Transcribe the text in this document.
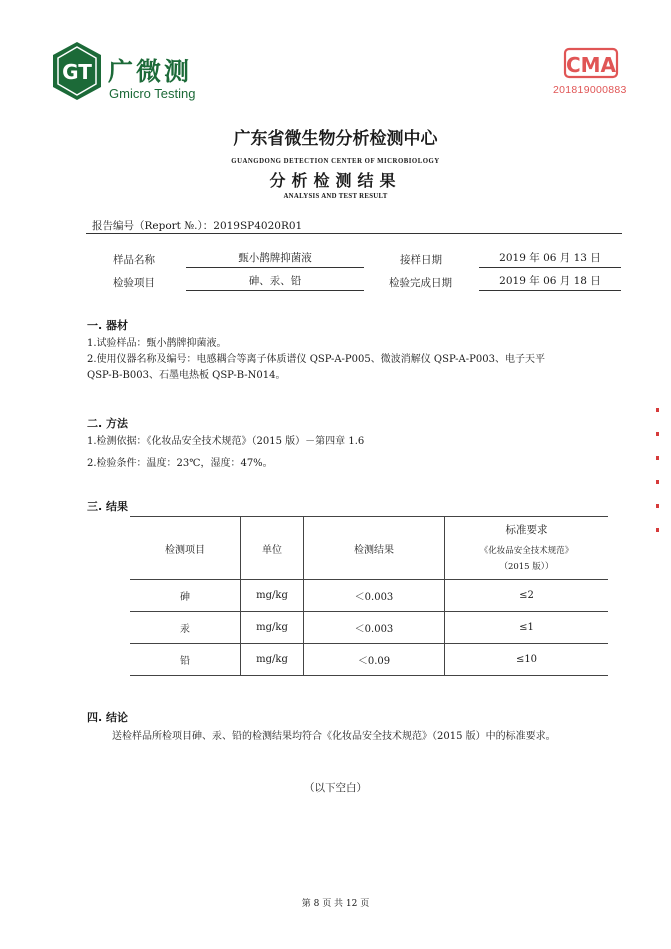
GT 广微测
Gmicro Testing
CMA
201819000883
广东省微生物分析检测中心
GUANGDONG DETECTION CENTER OF MICROBIOLOGY
分析检测结果
ANALYSIS AND TEST RESULT
报告编号（Report №.）：2019SP4020R01
样品名称	甄小鹊牌抑菌液	接样日期	2019 年 06 月 13 日
检验项目	砷、汞、铅	检验完成日期	2019 年 06 月 18 日
一. 器材
1.试验样品：甄小鹊牌抑菌液。
2.使用仪器名称及编号：电感耦合等离子体质谱仪 QSP-A-P005、微波消解仪 QSP-A-P003、电子天平
QSP-B-B003、石墨电热板 QSP-B-N014。
二. 方法
1.检测依据：《化妆品安全技术规范》（2015 版）－第四章 1.6
2.检验条件：温度：23℃，湿度：47%。
三. 结果
检测项目	单位	检测结果	标准要求
《化妆品安全技术规范》
（2015 版））

砷	mg/kg	＜0.003	≤2
汞	mg/kg	＜0.003	≤1
铅	mg/kg	＜0.09	≤10
四. 结论
送检样品所检项目砷、汞、铅的检测结果均符合《化妆品安全技术规范》（2015 版）中的标准要求。
（以下空白）
第 8 页 共 12 页
